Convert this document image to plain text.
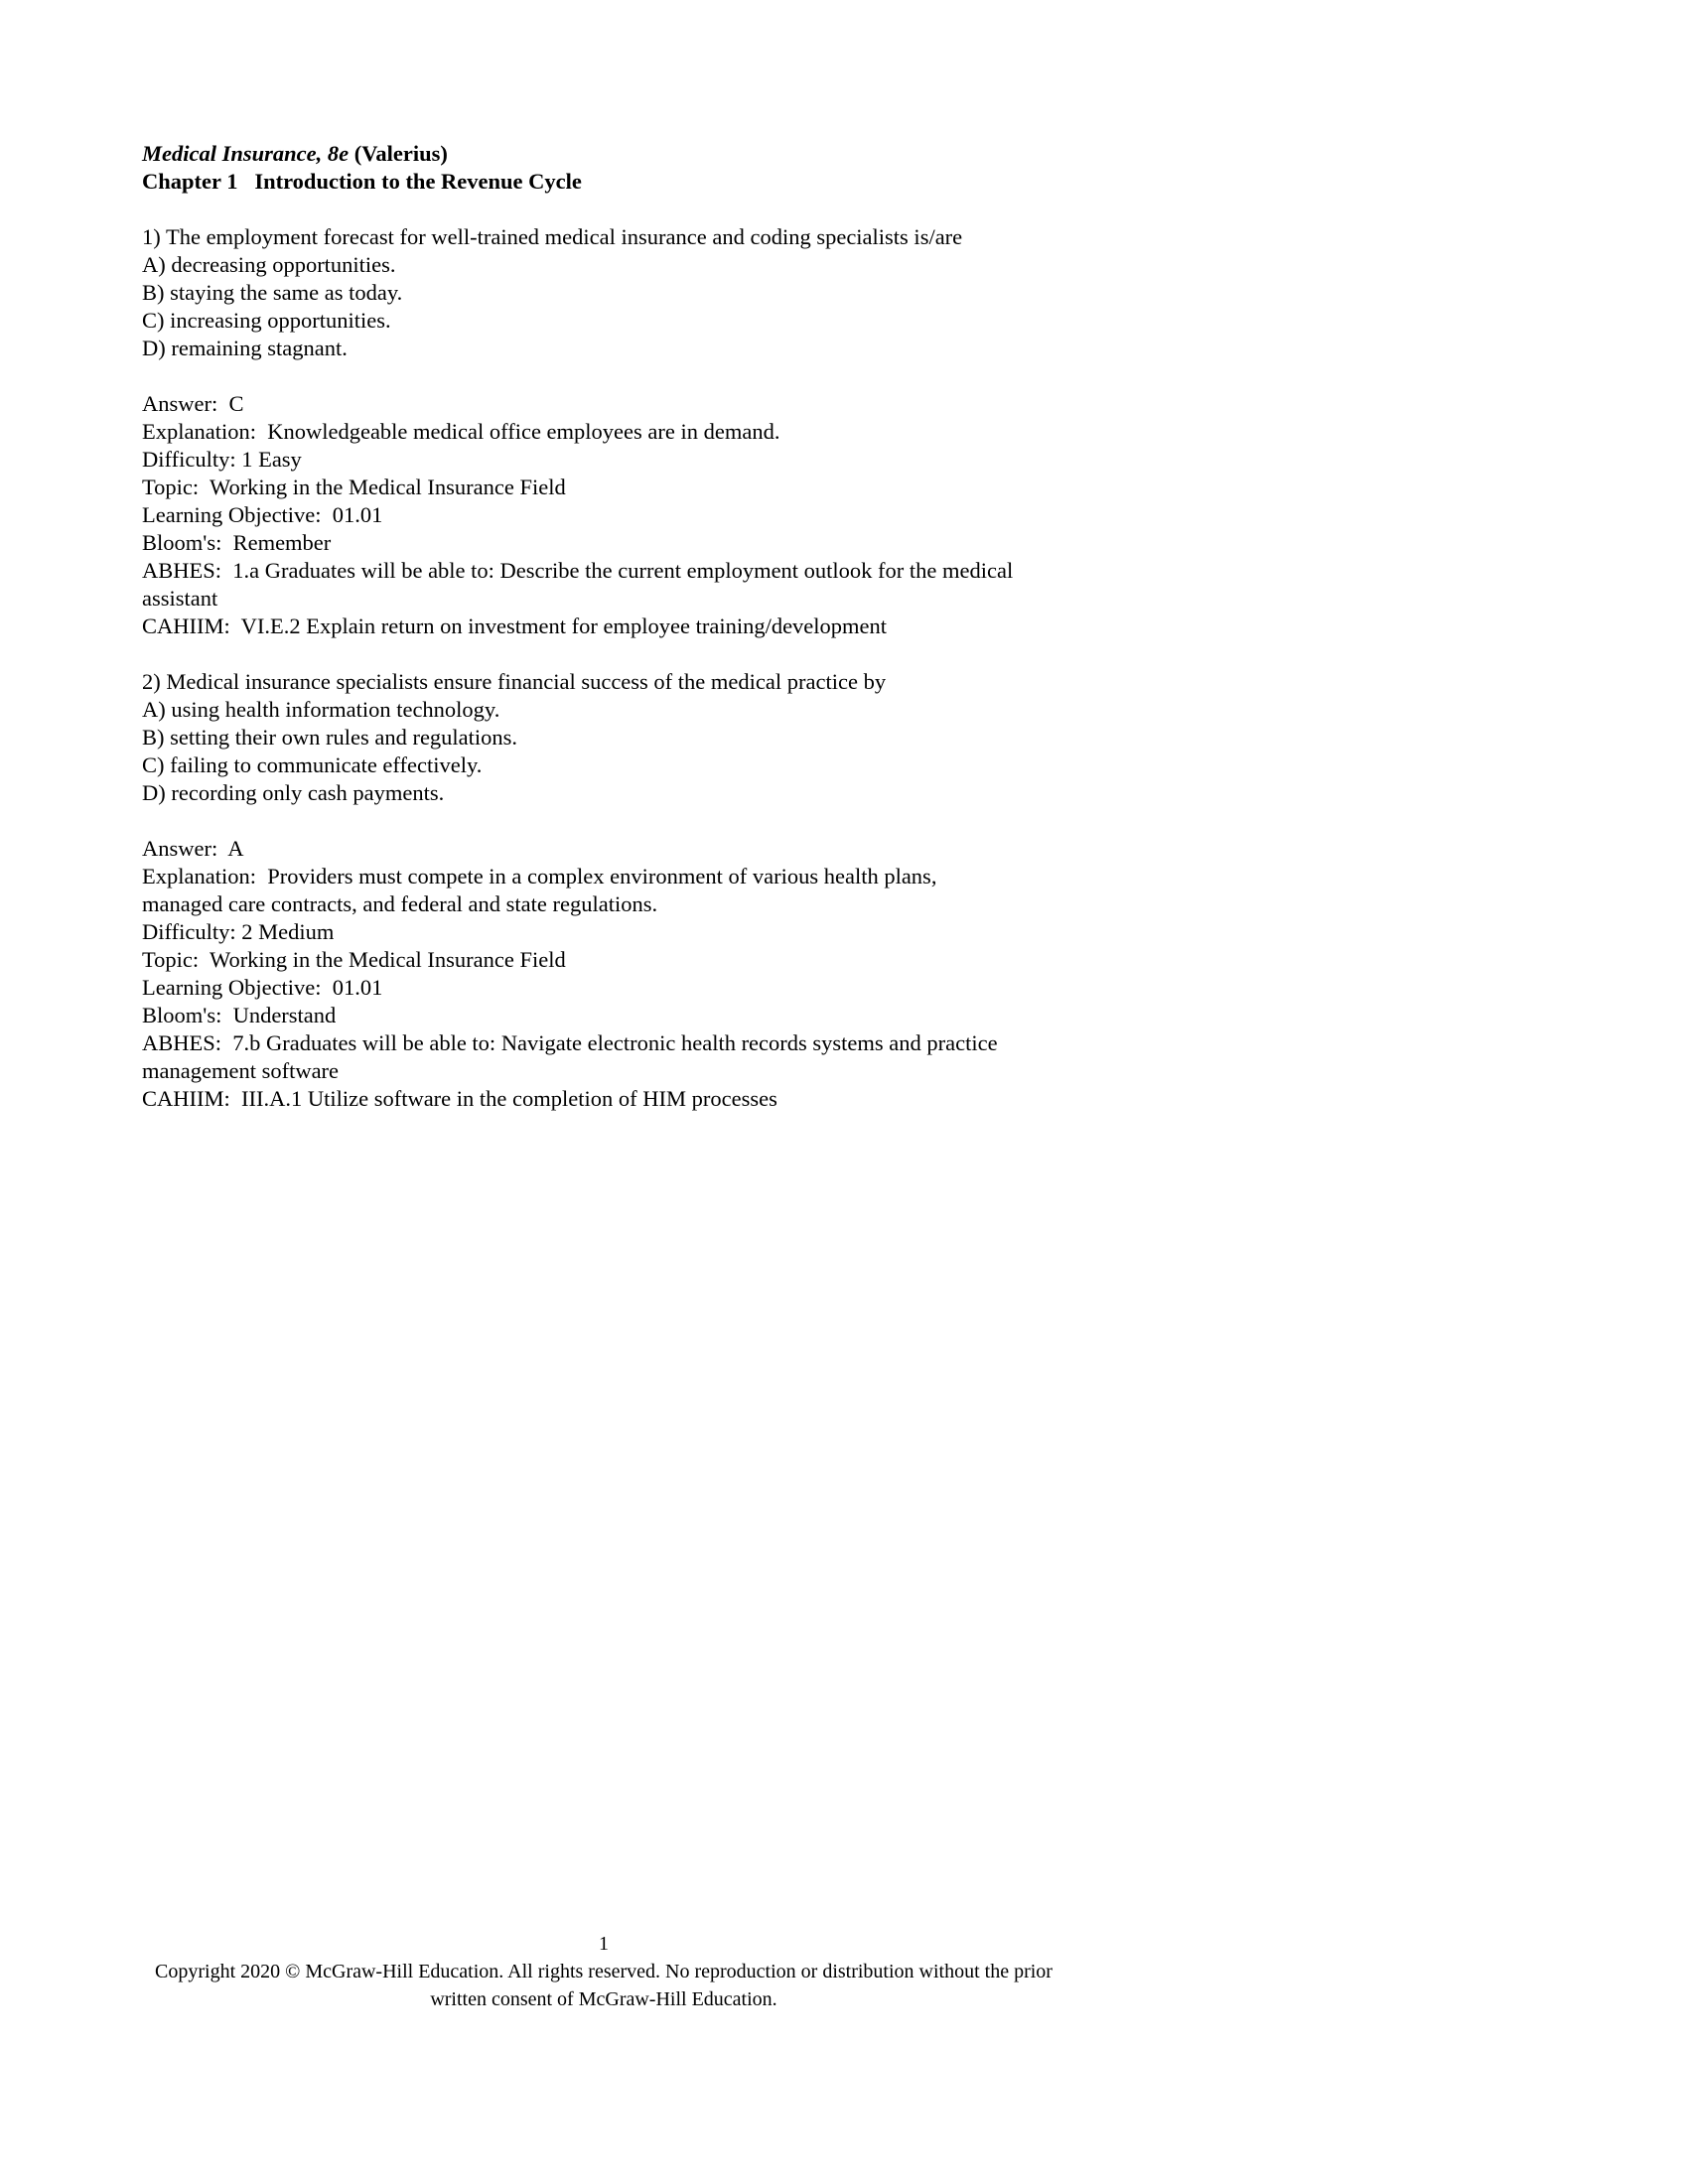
Medical Insurance, 8e (Valerius)

Chapter 1   Introduction to the Revenue Cycle

1) The employment forecast for well-trained medical insurance and coding specialists is/are

A) decreasing opportunities.

B) staying the same as today.

C) increasing opportunities.

D) remaining stagnant.

Answer:  C

Explanation:  Knowledgeable medical office employees are in demand.

Difficulty: 1 Easy

Topic:  Working in the Medical Insurance Field

Learning Objective:  01.01

Bloom's:  Remember

ABHES:  1.a Graduates will be able to: Describe the current employment outlook for the medical

assistant

CAHIIM:  VI.E.2 Explain return on investment for employee training/development

2) Medical insurance specialists ensure financial success of the medical practice by

A) using health information technology.

B) setting their own rules and regulations.

C) failing to communicate effectively.

D) recording only cash payments.

Answer:  A

Explanation:  Providers must compete in a complex environment of various health plans,

managed care contracts, and federal and state regulations.

Difficulty: 2 Medium

Topic:  Working in the Medical Insurance Field

Learning Objective:  01.01

Bloom's:  Understand

ABHES:  7.b Graduates will be able to: Navigate electronic health records systems and practice

management software

CAHIIM:  III.A.1 Utilize software in the completion of HIM processes

1
Copyright 2020 © McGraw-Hill Education. All rights reserved. No reproduction or distribution without the prior
written consent of McGraw-Hill Education.
